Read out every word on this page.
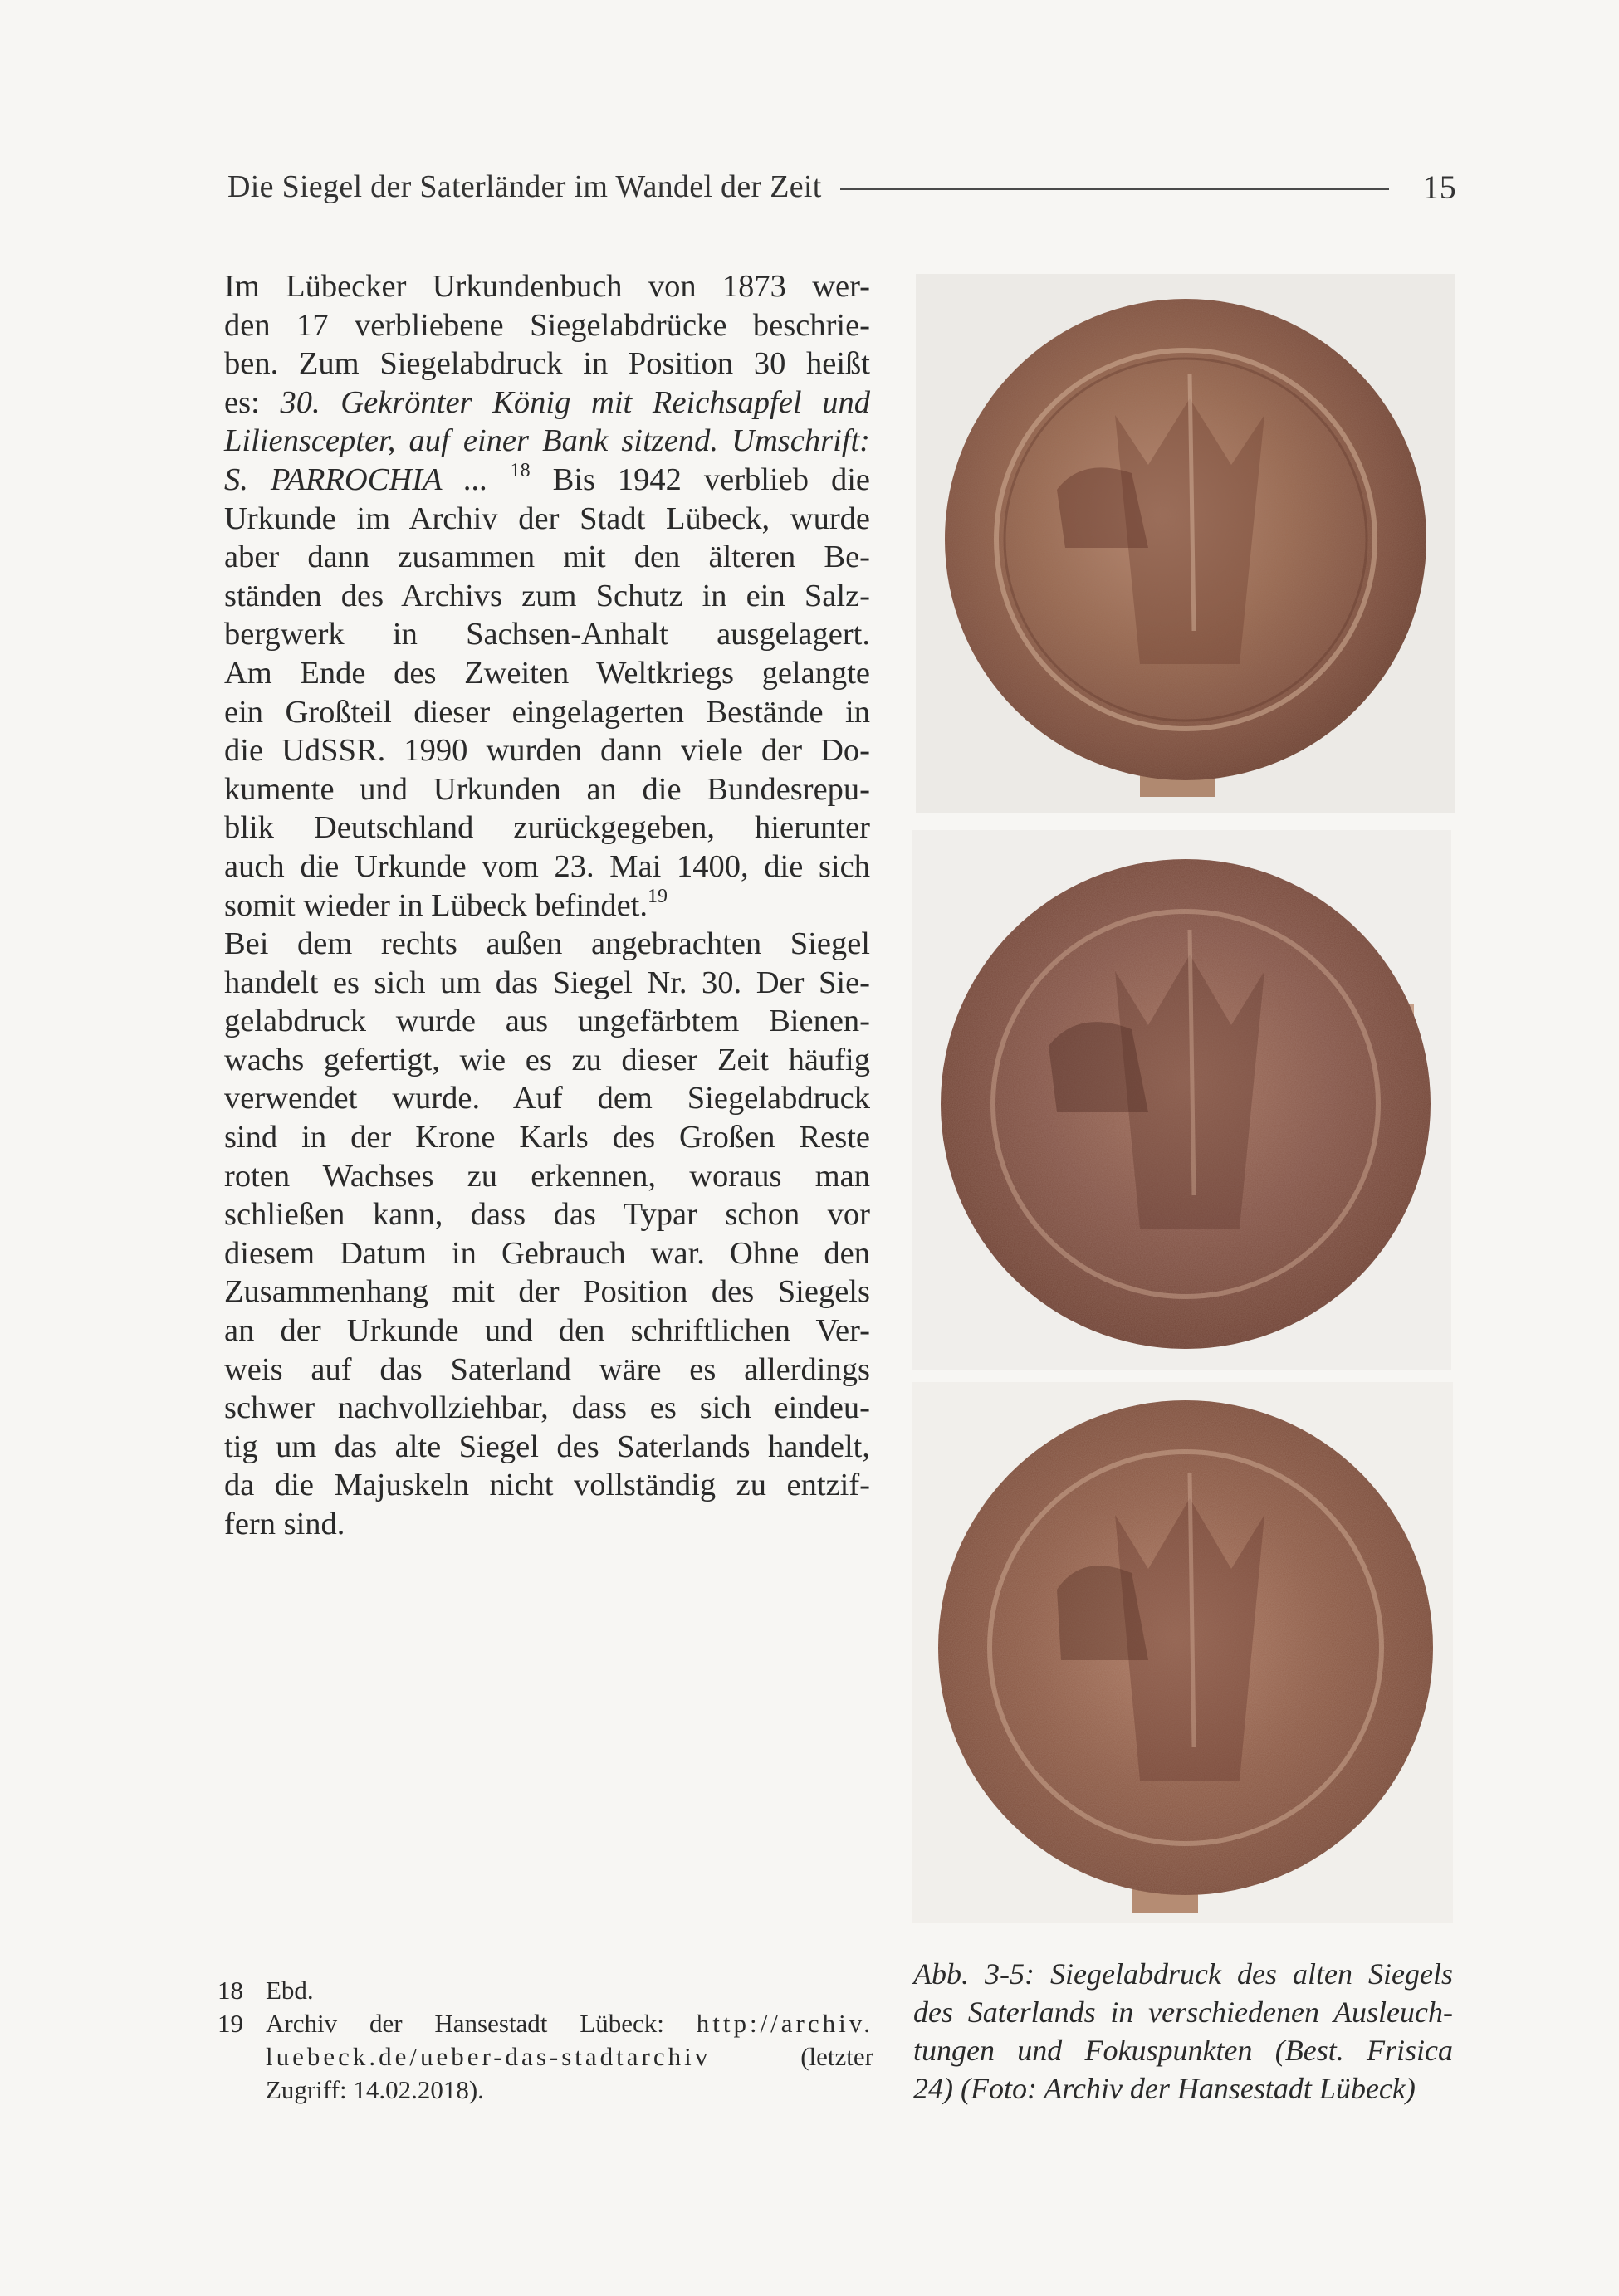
Die Siegel der Saterländer im Wandel der Zeit	15
Im Lübecker Urkundenbuch von 1873 wer-
den 17 verbliebene Siegelabdrücke beschrie-
ben. Zum Siegelabdruck in Position 30 heißt
es: 30. Gekrönter König mit Reichsapfel und
Lilienscepter, auf einer Bank sitzend. Umschrift:
S. PARROCHIA ... $^{18}$ Bis 1942 verblieb die
Urkunde im Archiv der Stadt Lübeck, wurde
aber dann zusammen mit den älteren Be-
ständen des Archivs zum Schutz in ein Salz-
bergwerk in Sachsen-Anhalt ausgelagert.
Am Ende des Zweiten Weltkriegs gelangte
ein Großteil dieser eingelagerten Bestände in
die UdSSR. 1990 wurden dann viele der Do-
kumente und Urkunden an die Bundesrepu-
blik Deutschland zurückgegeben, hierunter
auch die Urkunde vom 23. Mai 1400, die sich
somit wieder in Lübeck befindet.$^{19}$
Bei dem rechts außen angebrachten Siegel
handelt es sich um das Siegel Nr. 30. Der Sie-
gelabdruck wurde aus ungefärbtem Bienen-
wachs gefertigt, wie es zu dieser Zeit häufig
verwendet wurde. Auf dem Siegelabdruck
sind in der Krone Karls des Großen Reste
roten Wachses zu erkennen, woraus man
schließen kann, dass das Typar schon vor
diesem Datum in Gebrauch war. Ohne den
Zusammenhang mit der Position des Siegels
an der Urkunde und den schriftlichen Ver-
weis auf das Saterland wäre es allerdings
schwer nachvollziehbar, dass es sich eindeu-
tig um das alte Siegel des Saterlands handelt,
da die Majuskeln nicht vollständig zu entzif-
fern sind.
18 Ebd.
19 Archiv der Hansestadt Lübeck: http://archiv.
luebeck.de/ueber-das-stadtarchiv (letzter
Zugriff: 14.02.2018).
Abb. 3-5: Siegelabdruck des alten Siegels
des Saterlands in verschiedenen Ausleuch-
tungen und Fokuspunkten (Best. Frisica
24) (Foto: Archiv der Hansestadt Lübeck)
